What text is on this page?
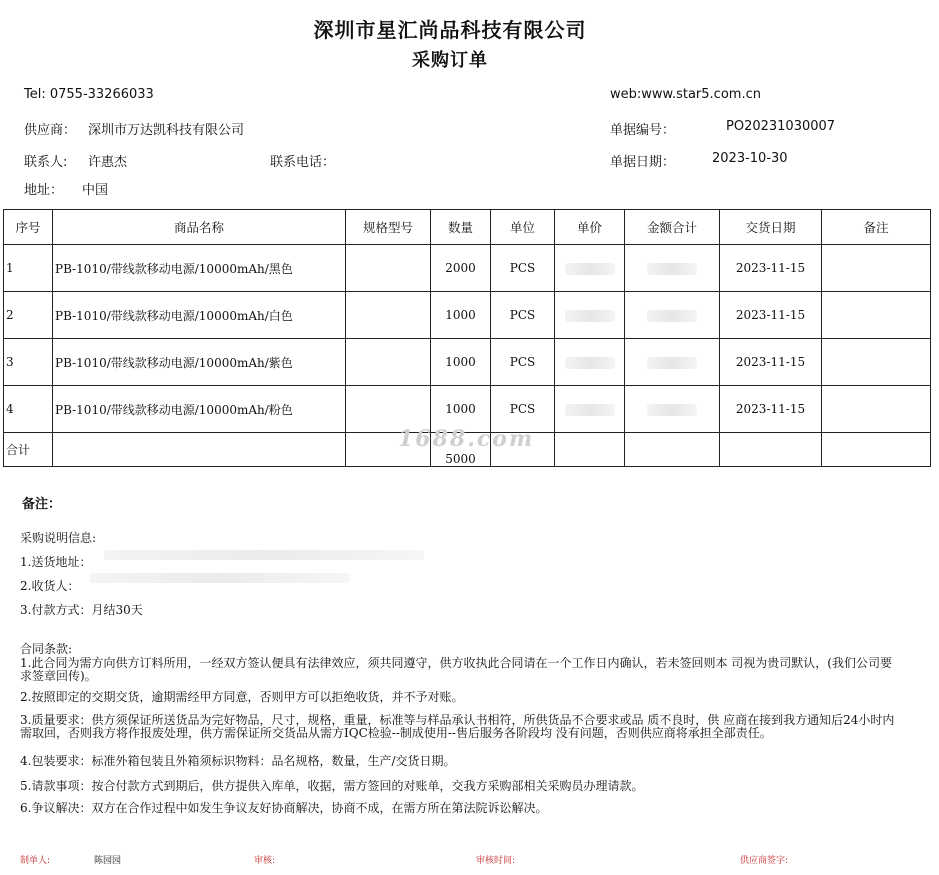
深圳市星汇尚品科技有限公司
采购订单
Tel: 0755-33266033	web:www.star5.com.cn
供应商： 深圳市万达凯科技有限公司	单据编号：	PO20231030007
联系人: 许惠杰	联系电话：	单据日期：	2023-10-30
地址： 中国
序号	商品名称	规格型号	数量	单位	单价	金额合计	交货日期	备注
1	PB-1010/带线款移动电源/10000mAh/黑色		2000	PCS			2023-11-15	
2	PB-1010/带线款移动电源/10000mAh/白色		1000	PCS			2023-11-15	
3	PB-1010/带线款移动电源/10000mAh/紫色		1000	PCS			2023-11-15	
4	PB-1010/带线款移动电源/10000mAh/粉色		1000	PCS			2023-11-15	
合计			5000					
1688.com
备注：
采购说明信息:
1.送货地址：
2.收货人：
3.付款方式：月结30天
合同条款:
1.此合同为需方向供方订料所用，一经双方签认便具有法律效应，须共同遵守，供方收执此合同请在一个工作日内确认，若未签回则本 司视为贵司默认，(我们公司要求签章回传)。
2.按照即定的交期交货，逾期需经甲方同意，否则甲方可以拒绝收货，并不予对账。
3.质量要求：供方须保证所送货品为完好物品，尺寸，规格，重量，标准等与样品承认书相符，所供货品不合要求或品 质不良时，供 应商在接到我方通知后24小时内需取回，否则我方将作报废处理，供方需保证所交货品从需方IQC检验--制成使用--售后服务各阶段均 没有问题，否则供应商将承担全部责任。
4.包装要求：标准外箱包装且外箱须标识物料：品名规格，数量，生产/交货日期。
5.请款事项：按合付款方式到期后，供方提供入库单，收据，需方签回的对账单，交我方采购部相关采购员办理请款。
6.争议解决：双方在合作过程中如发生争议友好协商解决，协商不成，在需方所在第法院诉讼解决。
制单人:	陈园园	审核:	审核时间:	供应商签字:
